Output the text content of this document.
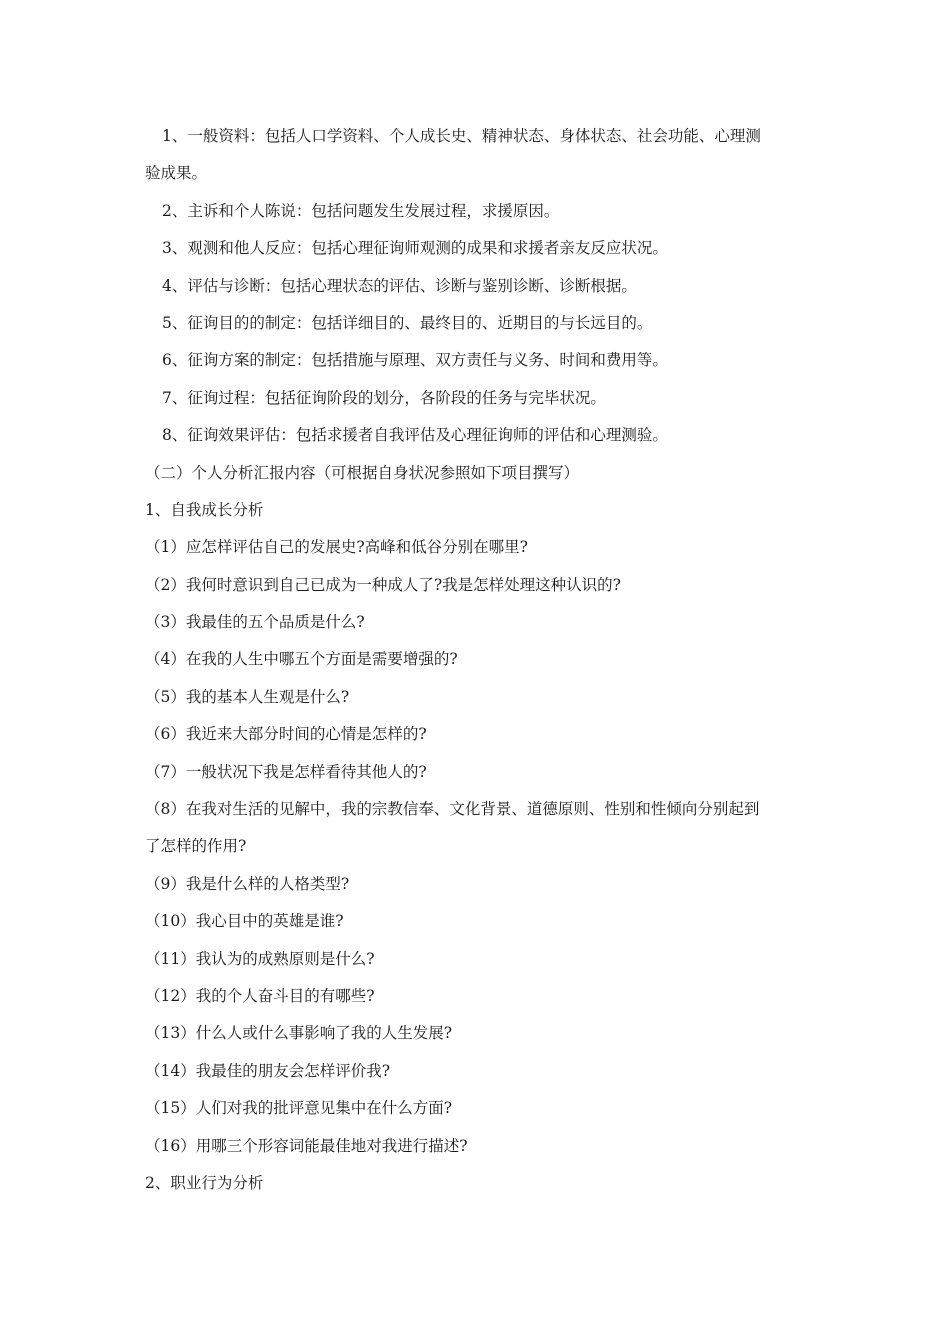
1、一般资料：包括人口学资料、个人成长史、精神状态、身体状态、社会功能、心理测
验成果。
2、主诉和个人陈说：包括问题发生发展过程，求援原因。
3、观测和他人反应：包括心理征询师观测的成果和求援者亲友反应状况。
4、评估与诊断：包括心理状态的评估、诊断与鉴别诊断、诊断根据。
5、征询目的的制定：包括详细目的、最终目的、近期目的与长远目的。
6、征询方案的制定：包括措施与原理、双方责任与义务、时间和费用等。
7、征询过程：包括征询阶段的划分，各阶段的任务与完毕状况。
8、征询效果评估：包括求援者自我评估及心理征询师的评估和心理测验。
（二）个人分析汇报内容（可根据自身状况参照如下项目撰写）
1、自我成长分析
（1）应怎样评估自己的发展史?高峰和低谷分别在哪里?
（2）我何时意识到自己已成为一种成人了?我是怎样处理这种认识的?
（3）我最佳的五个品质是什么?
（4）在我的人生中哪五个方面是需要增强的?
（5）我的基本人生观是什么?
（6）我近来大部分时间的心情是怎样的?
（7）一般状况下我是怎样看待其他人的?
（8）在我对生活的见解中，我的宗教信奉、文化背景、道德原则、性别和性倾向分别起到
了怎样的作用?
（9）我是什么样的人格类型?
（10）我心目中的英雄是谁?
（11）我认为的成熟原则是什么?
（12）我的个人奋斗目的有哪些?
（13）什么人或什么事影响了我的人生发展?
（14）我最佳的朋友会怎样评价我?
（15）人们对我的批评意见集中在什么方面?
（16）用哪三个形容词能最佳地对我进行描述?
2、职业行为分析
